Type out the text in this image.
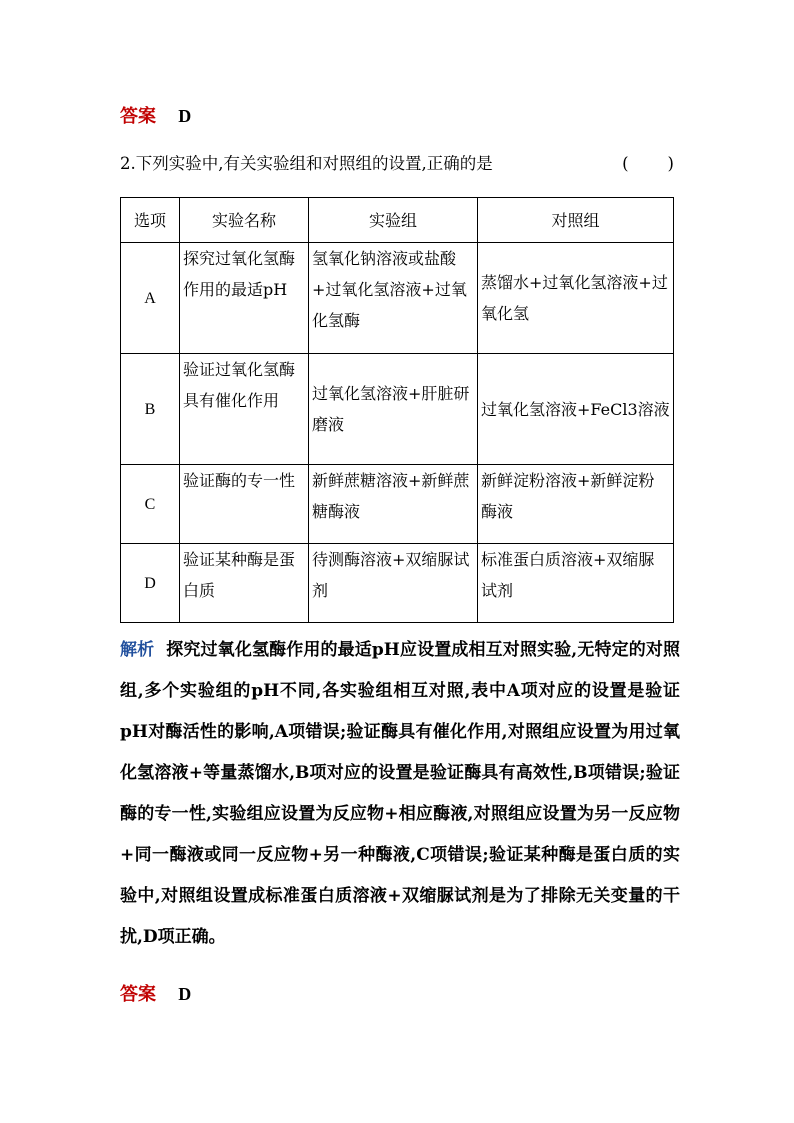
答案 D
2.下列实验中,有关实验组和对照组的设置,正确的是	(　　)
选项	实验名称	实验组	对照组
A	探究过氧化氢酶作用的最适pH	氢氧化钠溶液或盐酸+过氧化氢溶液+过氧化氢酶	蒸馏水+过氧化氢溶液+过氧化氢
B	验证过氧化氢酶具有催化作用	过氧化氢溶液+肝脏研磨液	过氧化氢溶液+FeCl3溶液
C	验证酶的专一性	新鲜蔗糖溶液+新鲜蔗糖酶液	新鲜淀粉溶液+新鲜淀粉酶液
D	验证某种酶是蛋白质	待测酶溶液+双缩脲试剂	标准蛋白质溶液+双缩脲试剂
解析 探究过氧化氢酶作用的最适pH应设置成相互对照实验,无特定的对照组,多个实验组的pH不同,各实验组相互对照,表中A项对应的设置是验证pH对酶活性的影响,A项错误;验证酶具有催化作用,对照组应设置为用过氧化氢溶液+等量蒸馏水,B项对应的设置是验证酶具有高效性,B项错误;验证酶的专一性,实验组应设置为反应物+相应酶液,对照组应设置为另一反应物+同一酶液或同一反应物+另一种酶液,C项错误;验证某种酶是蛋白质的实验中,对照组设置成标准蛋白质溶液+双缩脲试剂是为了排除无关变量的干扰,D项正确。
答案 D
